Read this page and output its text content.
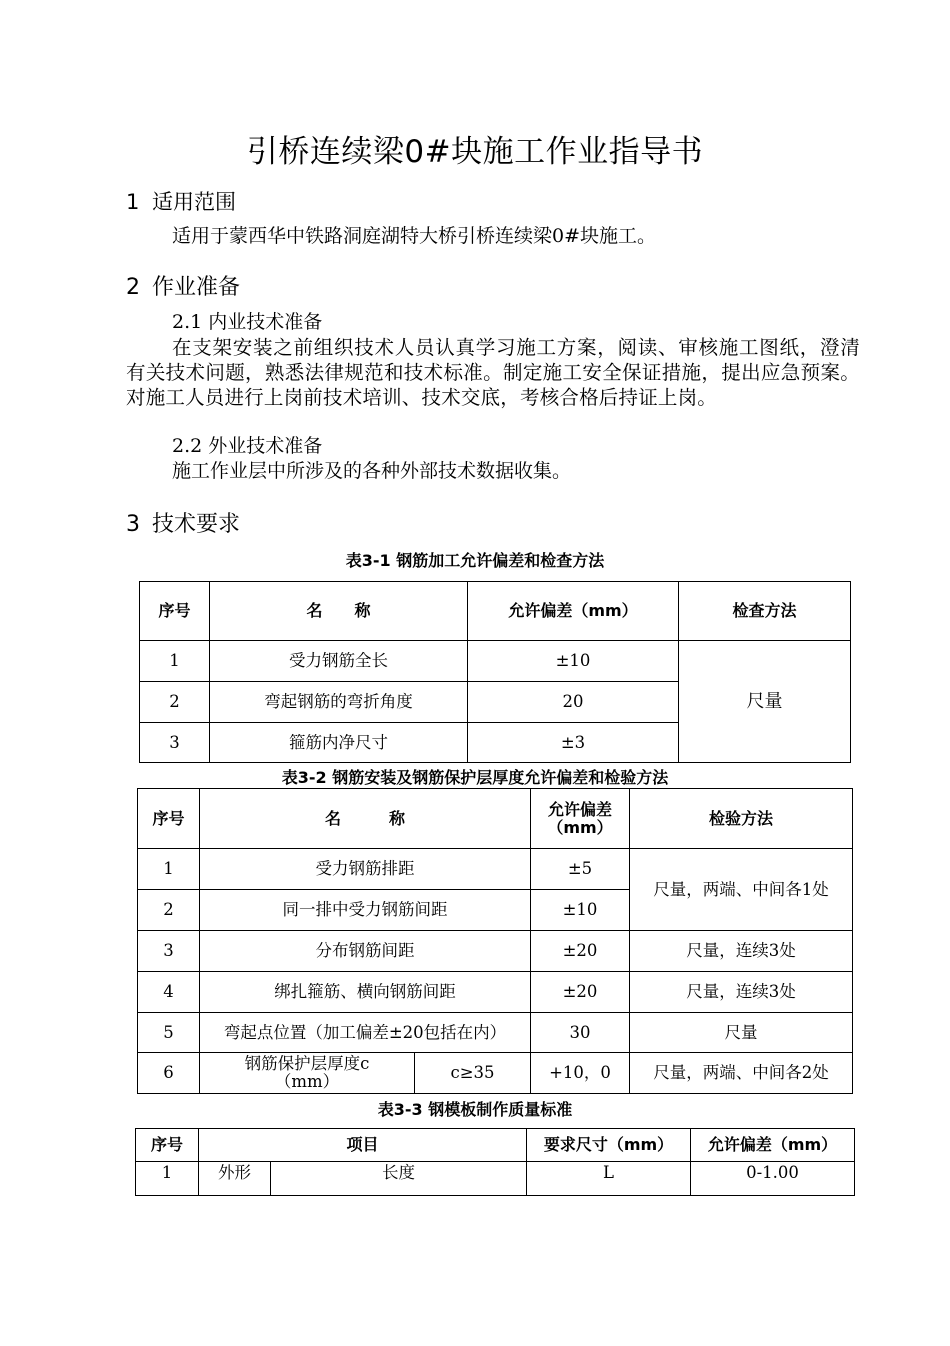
引桥连续梁0#块施工作业指导书
1 适用范围
适用于蒙西华中铁路洞庭湖特大桥引桥连续梁0#块施工。
2 作业准备
2.1 内业技术准备
在支架安装之前组织技术人员认真学习施工方案，阅读、审核施工图纸，澄清有关技术问题，熟悉法律规范和技术标准。制定施工安全保证措施，提出应急预案。对施工人员进行上岗前技术培训、技术交底，考核合格后持证上岗。
2.2 外业技术准备
施工作业层中所涉及的各种外部技术数据收集。
3 技术要求
表3-1 钢筋加工允许偏差和检查方法
序号	名　　称	允许偏差（mm）	检查方法
1	受力钢筋全长	±10	尺量
2	弯起钢筋的弯折角度	20	
3	箍筋内净尺寸	±3	
表3-2 钢筋安装及钢筋保护层厚度允许偏差和检验方法
序号	名　　　称		允许偏差（mm）	检验方法
1	受力钢筋排距		±5	尺量，两端、中间各1处
2	同一排中受力钢筋间距		±10	
3	分布钢筋间距		±20	尺量，连续3处
4	绑扎箍筋、横向钢筋间距		±20	尺量，连续3处
5	弯起点位置（加工偏差±20包括在内）		30	尺量
6	钢筋保护层厚度c（mm）	c≥35	+10，0	尺量，两端、中间各2处
表3-3 钢模板制作质量标准
序号	项目		要求尺寸（mm）	允许偏差（mm）
1	外形	长度	L	0-1.00
